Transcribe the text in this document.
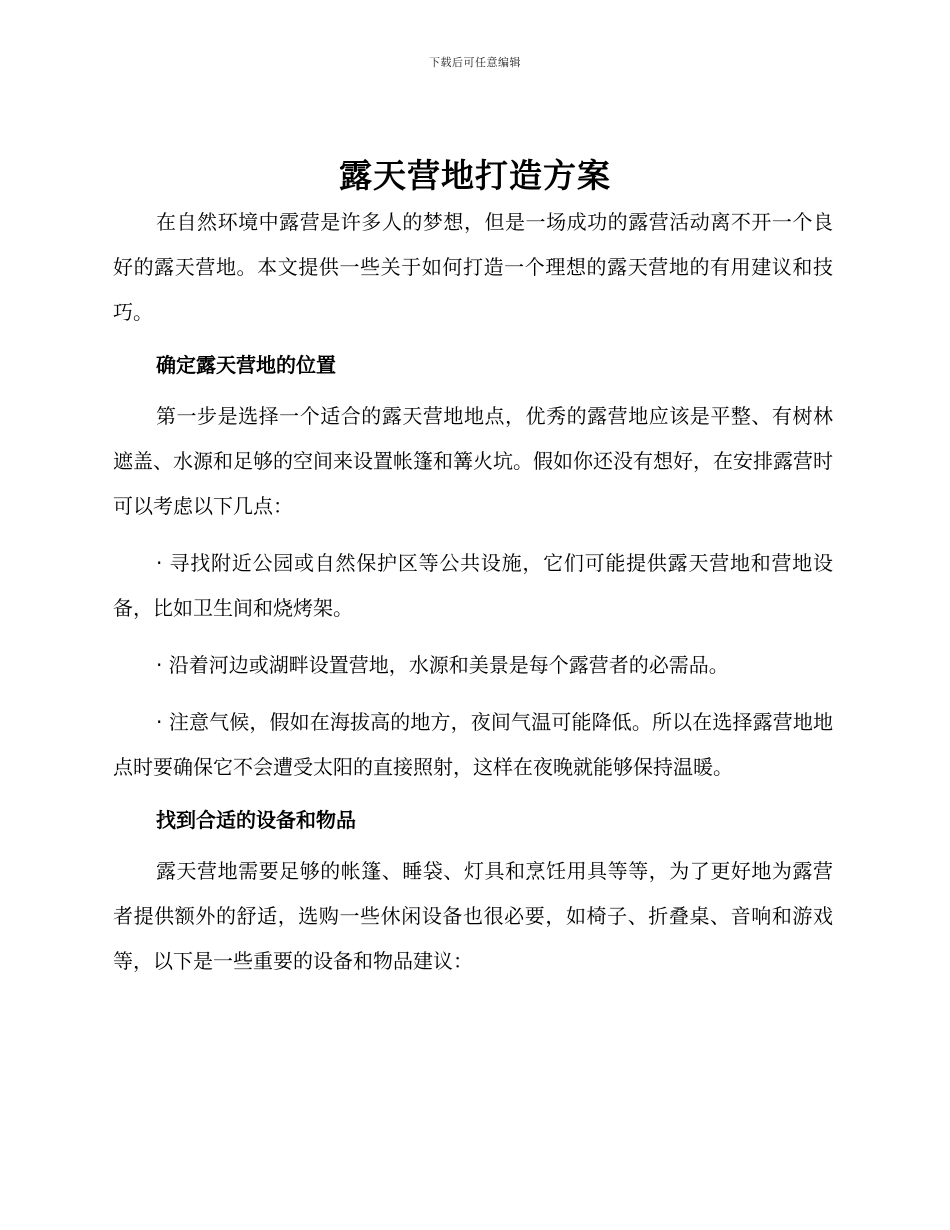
下载后可任意编辑
露天营地打造方案

在自然环境中露营是许多人的梦想，但是一场成功的露营活动离不开一个良好的露天营地。本文提供一些关于如何打造一个理想的露天营地的有用建议和技巧。

确定露天营地的位置

第一步是选择一个适合的露天营地地点，优秀的露营地应该是平整、有树林遮盖、水源和足够的空间来设置帐篷和篝火坑。假如你还没有想好，在安排露营时可以考虑以下几点：

· 寻找附近公园或自然保护区等公共设施，它们可能提供露天营地和营地设备，比如卫生间和烧烤架。

· 沿着河边或湖畔设置营地，水源和美景是每个露营者的必需品。

· 注意气候，假如在海拔高的地方，夜间气温可能降低。所以在选择露营地地点时要确保它不会遭受太阳的直接照射，这样在夜晚就能够保持温暖。

找到合适的设备和物品

露天营地需要足够的帐篷、睡袋、灯具和烹饪用具等等，为了更好地为露营者提供额外的舒适，选购一些休闲设备也很必要，如椅子、折叠桌、音响和游戏等，以下是一些重要的设备和物品建议：
